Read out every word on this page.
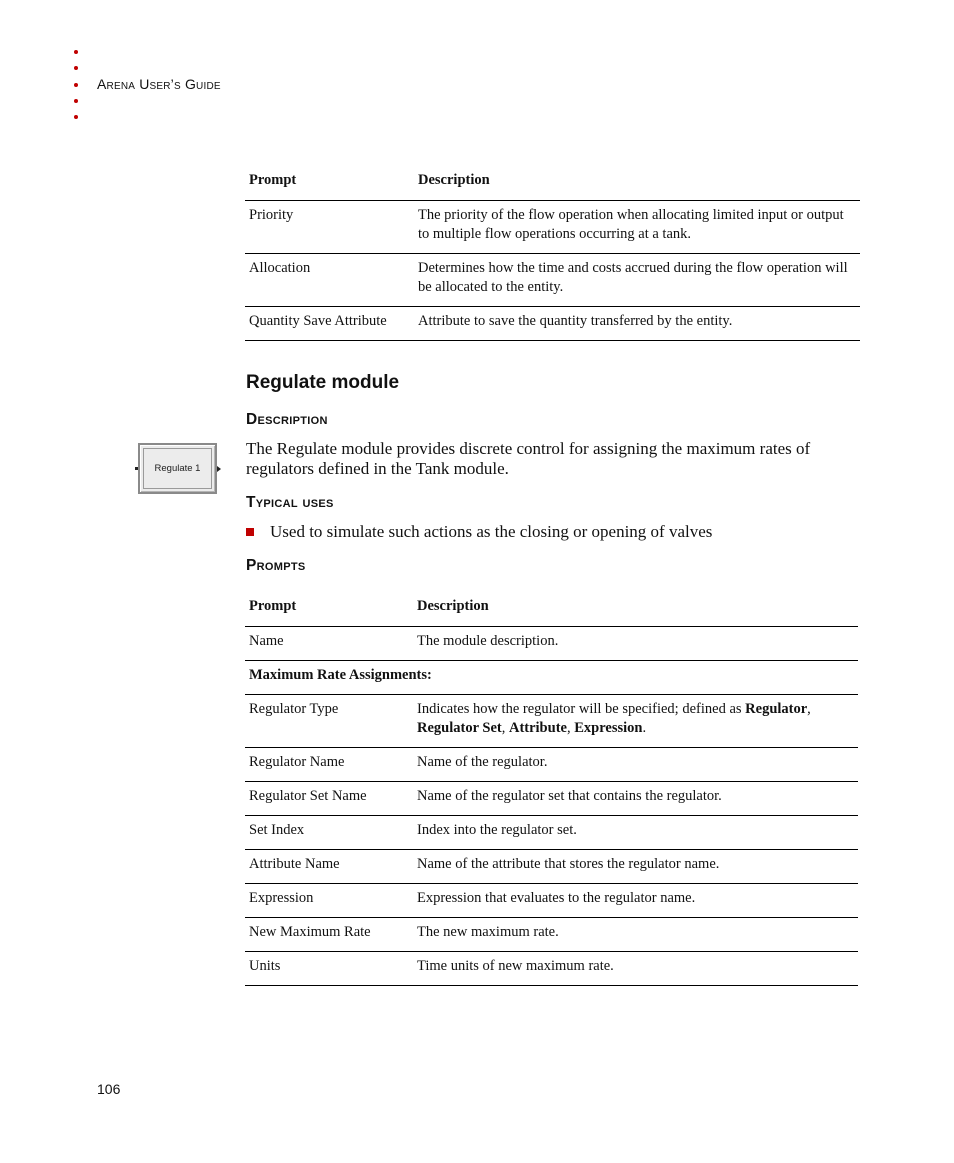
Arena User’s Guide
Prompt	Description
Priority	The priority of the flow operation when allocating limited input or output to multiple flow operations occurring at a tank.
Allocation	Determines how the time and costs accrued during the flow operation will be allocated to the entity.
Quantity Save Attribute	Attribute to save the quantity transferred by the entity.
Regulate module
Description
Regulate 1
The Regulate module provides discrete control for assigning the maximum rates of regulators defined in the Tank module.
Typical uses
Used to simulate such actions as the closing or opening of valves
Prompts
Prompt	Description
Name	The module description.
Maximum Rate Assignments:	
Regulator Type	Indicates how the regulator will be specified; defined as Regulator, Regulator Set, Attribute, Expression.
Regulator Name	Name of the regulator.
Regulator Set Name	Name of the regulator set that contains the regulator.
Set Index	Index into the regulator set.
Attribute Name	Name of the attribute that stores the regulator name.
Expression	Expression that evaluates to the regulator name.
New Maximum Rate	The new maximum rate.
Units	Time units of new maximum rate.
106
